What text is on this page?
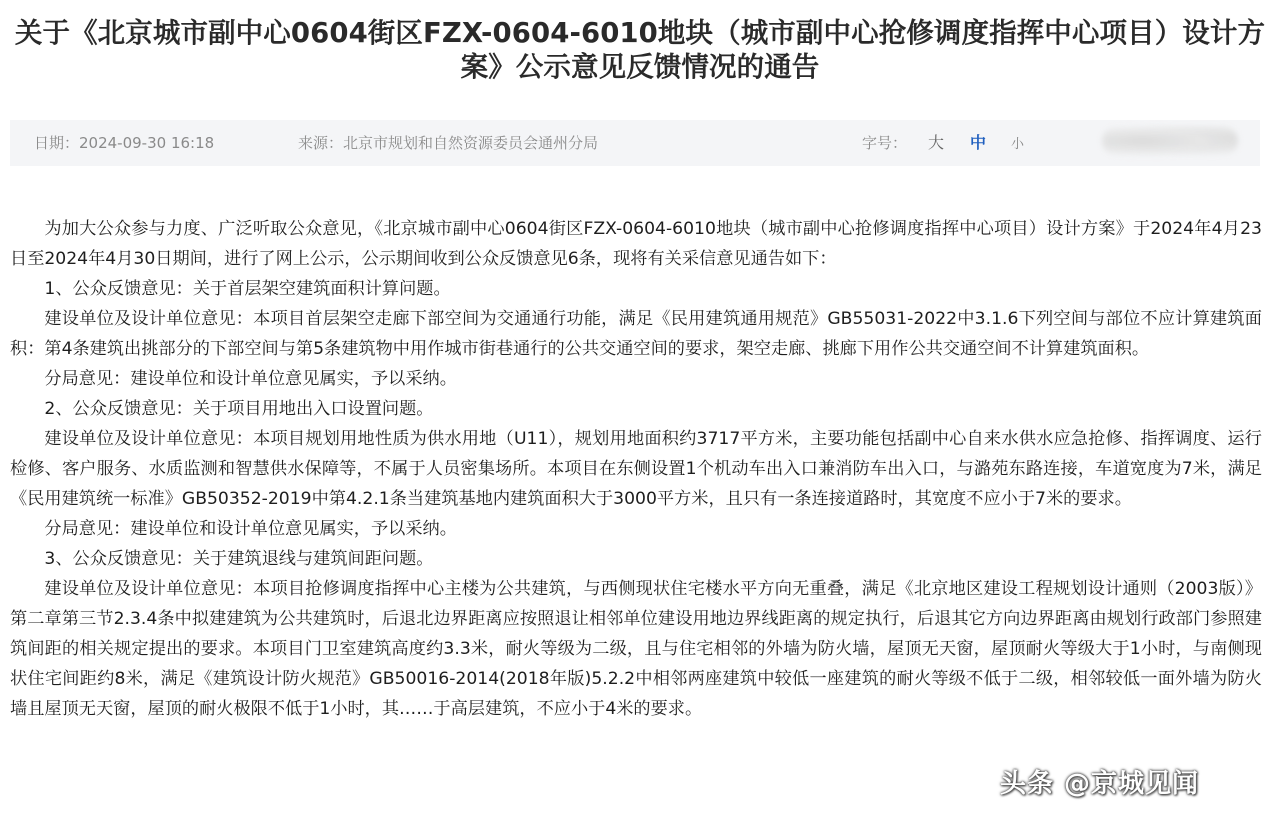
关于《北京城市副中心0604街区FZX-0604-6010地块（城市副中心抢修调度指挥中心项目）设计方案》公示意见反馈情况的通告
日期：2024-09-30 16:18	来源：北京市规划和自然资源委员会通州分局	字号： 大 中 小

为加大公众参与力度、广泛听取公众意见，《北京城市副中心0604街区FZX-0604-6010地块（城市副中心抢修调度指挥中心项目）设计方案》于2024年4月23日至2024年4月30日期间，进行了网上公示，公示期间收到公众反馈意见6条，现将有关采信意见通告如下：

1、公众反馈意见：关于首层架空建筑面积计算问题。

建设单位及设计单位意见：本项目首层架空走廊下部空间为交通通行功能，满足《民用建筑通用规范》GB55031-2022中3.1.6下列空间与部位不应计算建筑面积：第4条建筑出挑部分的下部空间与第5条建筑物中用作城市街巷通行的公共交通空间的要求，架空走廊、挑廊下用作公共交通空间不计算建筑面积。

分局意见：建设单位和设计单位意见属实，予以采纳。

2、公众反馈意见：关于项目用地出入口设置问题。

建设单位及设计单位意见：本项目规划用地性质为供水用地（U11），规划用地面积约3717平方米，主要功能包括副中心自来水供水应急抢修、指挥调度、运行检修、客户服务、水质监测和智慧供水保障等，不属于人员密集场所。本项目在东侧设置1个机动车出入口兼消防车出入口，与潞苑东路连接，车道宽度为7米，满足《民用建筑统一标准》GB50352-2019中第4.2.1条当建筑基地内建筑面积大于3000平方米，且只有一条连接道路时，其宽度不应小于7米的要求。

分局意见：建设单位和设计单位意见属实，予以采纳。

3、公众反馈意见：关于建筑退线与建筑间距问题。

建设单位及设计单位意见：本项目抢修调度指挥中心主楼为公共建筑，与西侧现状住宅楼水平方向无重叠，满足《北京地区建设工程规划设计通则（2003版）》第二章第三节2.3.4条中拟建建筑为公共建筑时，后退北边界距离应按照退让相邻单位建设用地边界线距离的规定执行，后退其它方向边界距离由规划行政部门参照建筑间距的相关规定提出的要求。本项目门卫室建筑高度约3.3米，耐火等级为二级，且与住宅相邻的外墙为防火墙，屋顶无天窗，屋顶耐火等级大于1小时，与南侧现状住宅间距约8米，满足《建筑设计防火规范》GB50016-2014(2018年版)5.2.2中相邻两座建筑中较低一座建筑的耐火等级不低于二级，相邻较低一面外墙为防火墙且屋顶无天窗，屋顶的耐火极限不低于1小时，其……于高层建筑，不应小于4米的要求。

头条 @京城见闻
